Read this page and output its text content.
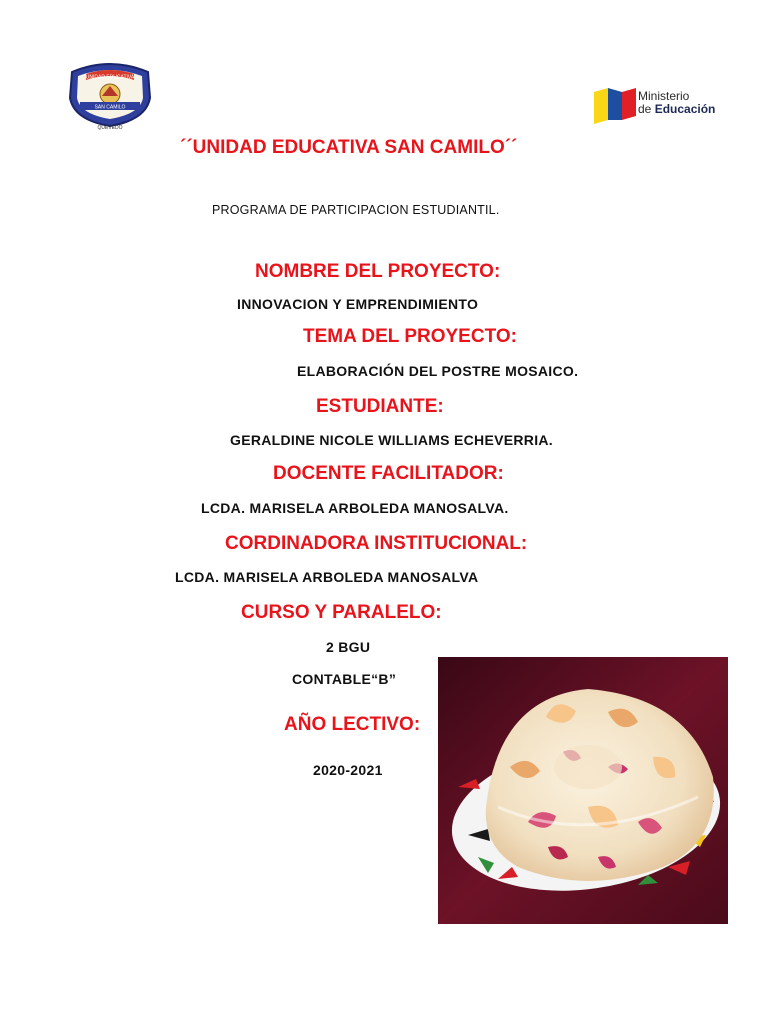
UNIDAD EDUCATIVA
SAN CAMILO
QUEVEDO
Ministerio
de Educación
´´UNIDAD EDUCATIVA SAN CAMILO´´
PROGRAMA DE PARTICIPACION ESTUDIANTIL.
NOMBRE DEL PROYECTO:
INNOVACION Y EMPRENDIMIENTO
TEMA DEL PROYECTO:
ELABORACIÓN DEL POSTRE MOSAICO.
ESTUDIANTE:
GERALDINE NICOLE WILLIAMS ECHEVERRIA.
DOCENTE FACILITADOR:
LCDA. MARISELA ARBOLEDA MANOSALVA.
CORDINADORA INSTITUCIONAL:
LCDA. MARISELA ARBOLEDA MANOSALVA
CURSO Y PARALELO:
2 BGU
CONTABLE“B”
AÑO LECTIVO:
2020-2021
